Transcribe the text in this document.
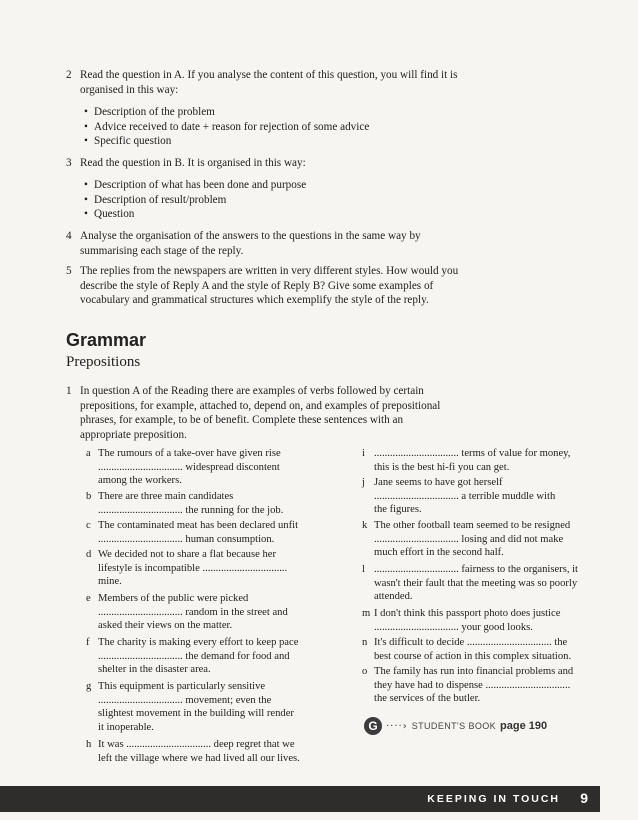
2 Read the question in A. If you analyse the content of this question, you will find it is
organised in this way:
• Description of the problem
• Advice received to date + reason for rejection of some advice
• Specific question
3 Read the question in B. It is organised in this way:
• Description of what has been done and purpose
• Description of result/problem
• Question
4 Analyse the organisation of the answers to the questions in the same way by
summarising each stage of the reply.
5 The replies from the newspapers are written in very different styles. How would you
describe the style of Reply A and the style of Reply B? Give some examples of
vocabulary and grammatical structures which exemplify the style of the reply.
Grammar
Prepositions
1 In question A of the Reading there are examples of verbs followed by certain
prepositions, for example, attached to, depend on, and examples of prepositional
phrases, for example, to be of benefit. Complete these sentences with an
appropriate preposition.
a The rumours of a take-over have given rise
................................ widespread discontent
among the workers.
b There are three main candidates
................................ the running for the job.
c The contaminated meat has been declared unfit
................................ human consumption.
d We decided not to share a flat because her
lifestyle is incompatible ................................
mine.
e Members of the public were picked
................................ random in the street and
asked their views on the matter.
f The charity is making every effort to keep pace
................................ the demand for food and
shelter in the disaster area.
g This equipment is particularly sensitive
................................ movement; even the
slightest movement in the building will render
it inoperable.
h It was ................................ deep regret that we
left the village where we had lived all our lives.
i ................................ terms of value for money,
this is the best hi-fi you can get.
j Jane seems to have got herself
................................ a terrible muddle with
the figures.
k The other football team seemed to be resigned
................................ losing and did not make
much effort in the second half.
l ................................ fairness to the organisers, it
wasn't their fault that the meeting was so poorly
attended.
m I don't think this passport photo does justice
................................ your good looks.
n It's difficult to decide ................................ the
best course of action in this complex situation.
o The family has run into financial problems and
they have had to dispense ................................
the services of the butler.
G ····› STUDENT'S BOOK page 190
KEEPING IN TOUCH 9
